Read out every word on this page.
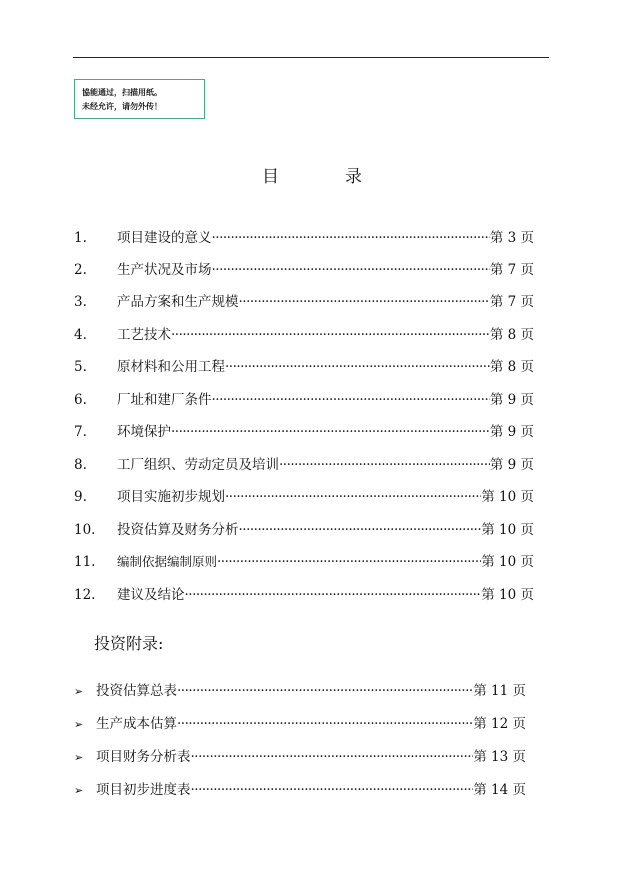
協能通过，扫描用纸。
未经允许，请勿外传！
目	录
1.	项目建设的意义 ·····	第 3 页
2.	生产状况及市场 ·····	第 7 页
3.	产品方案和生产规模 ·····	第 7 页
4.	工艺技术 ·····	第 8 页
5.	原材料和公用工程 ·····	第 8 页
6.	厂址和建厂条件 ·····	第 9 页
7.	环境保护 ·····	第 9 页
8.	工厂组织、劳动定员及培训 ·····	第 9 页
9.	项目实施初步规划 ·····	第 10 页
10.	投资估算及财务分析 ·····	第 10 页
11.	编制依据编制原则 ·····	第 10 页
12.	建议及结论 ·····	第 10 页
投资附录:
➢ 投资估算总表 ·····	第 11 页
➢ 生产成本估算 ·····	第 12 页
➢ 项目财务分析表 ·····	第 13 页
➢ 项目初步进度表 ·····	第 14 页
